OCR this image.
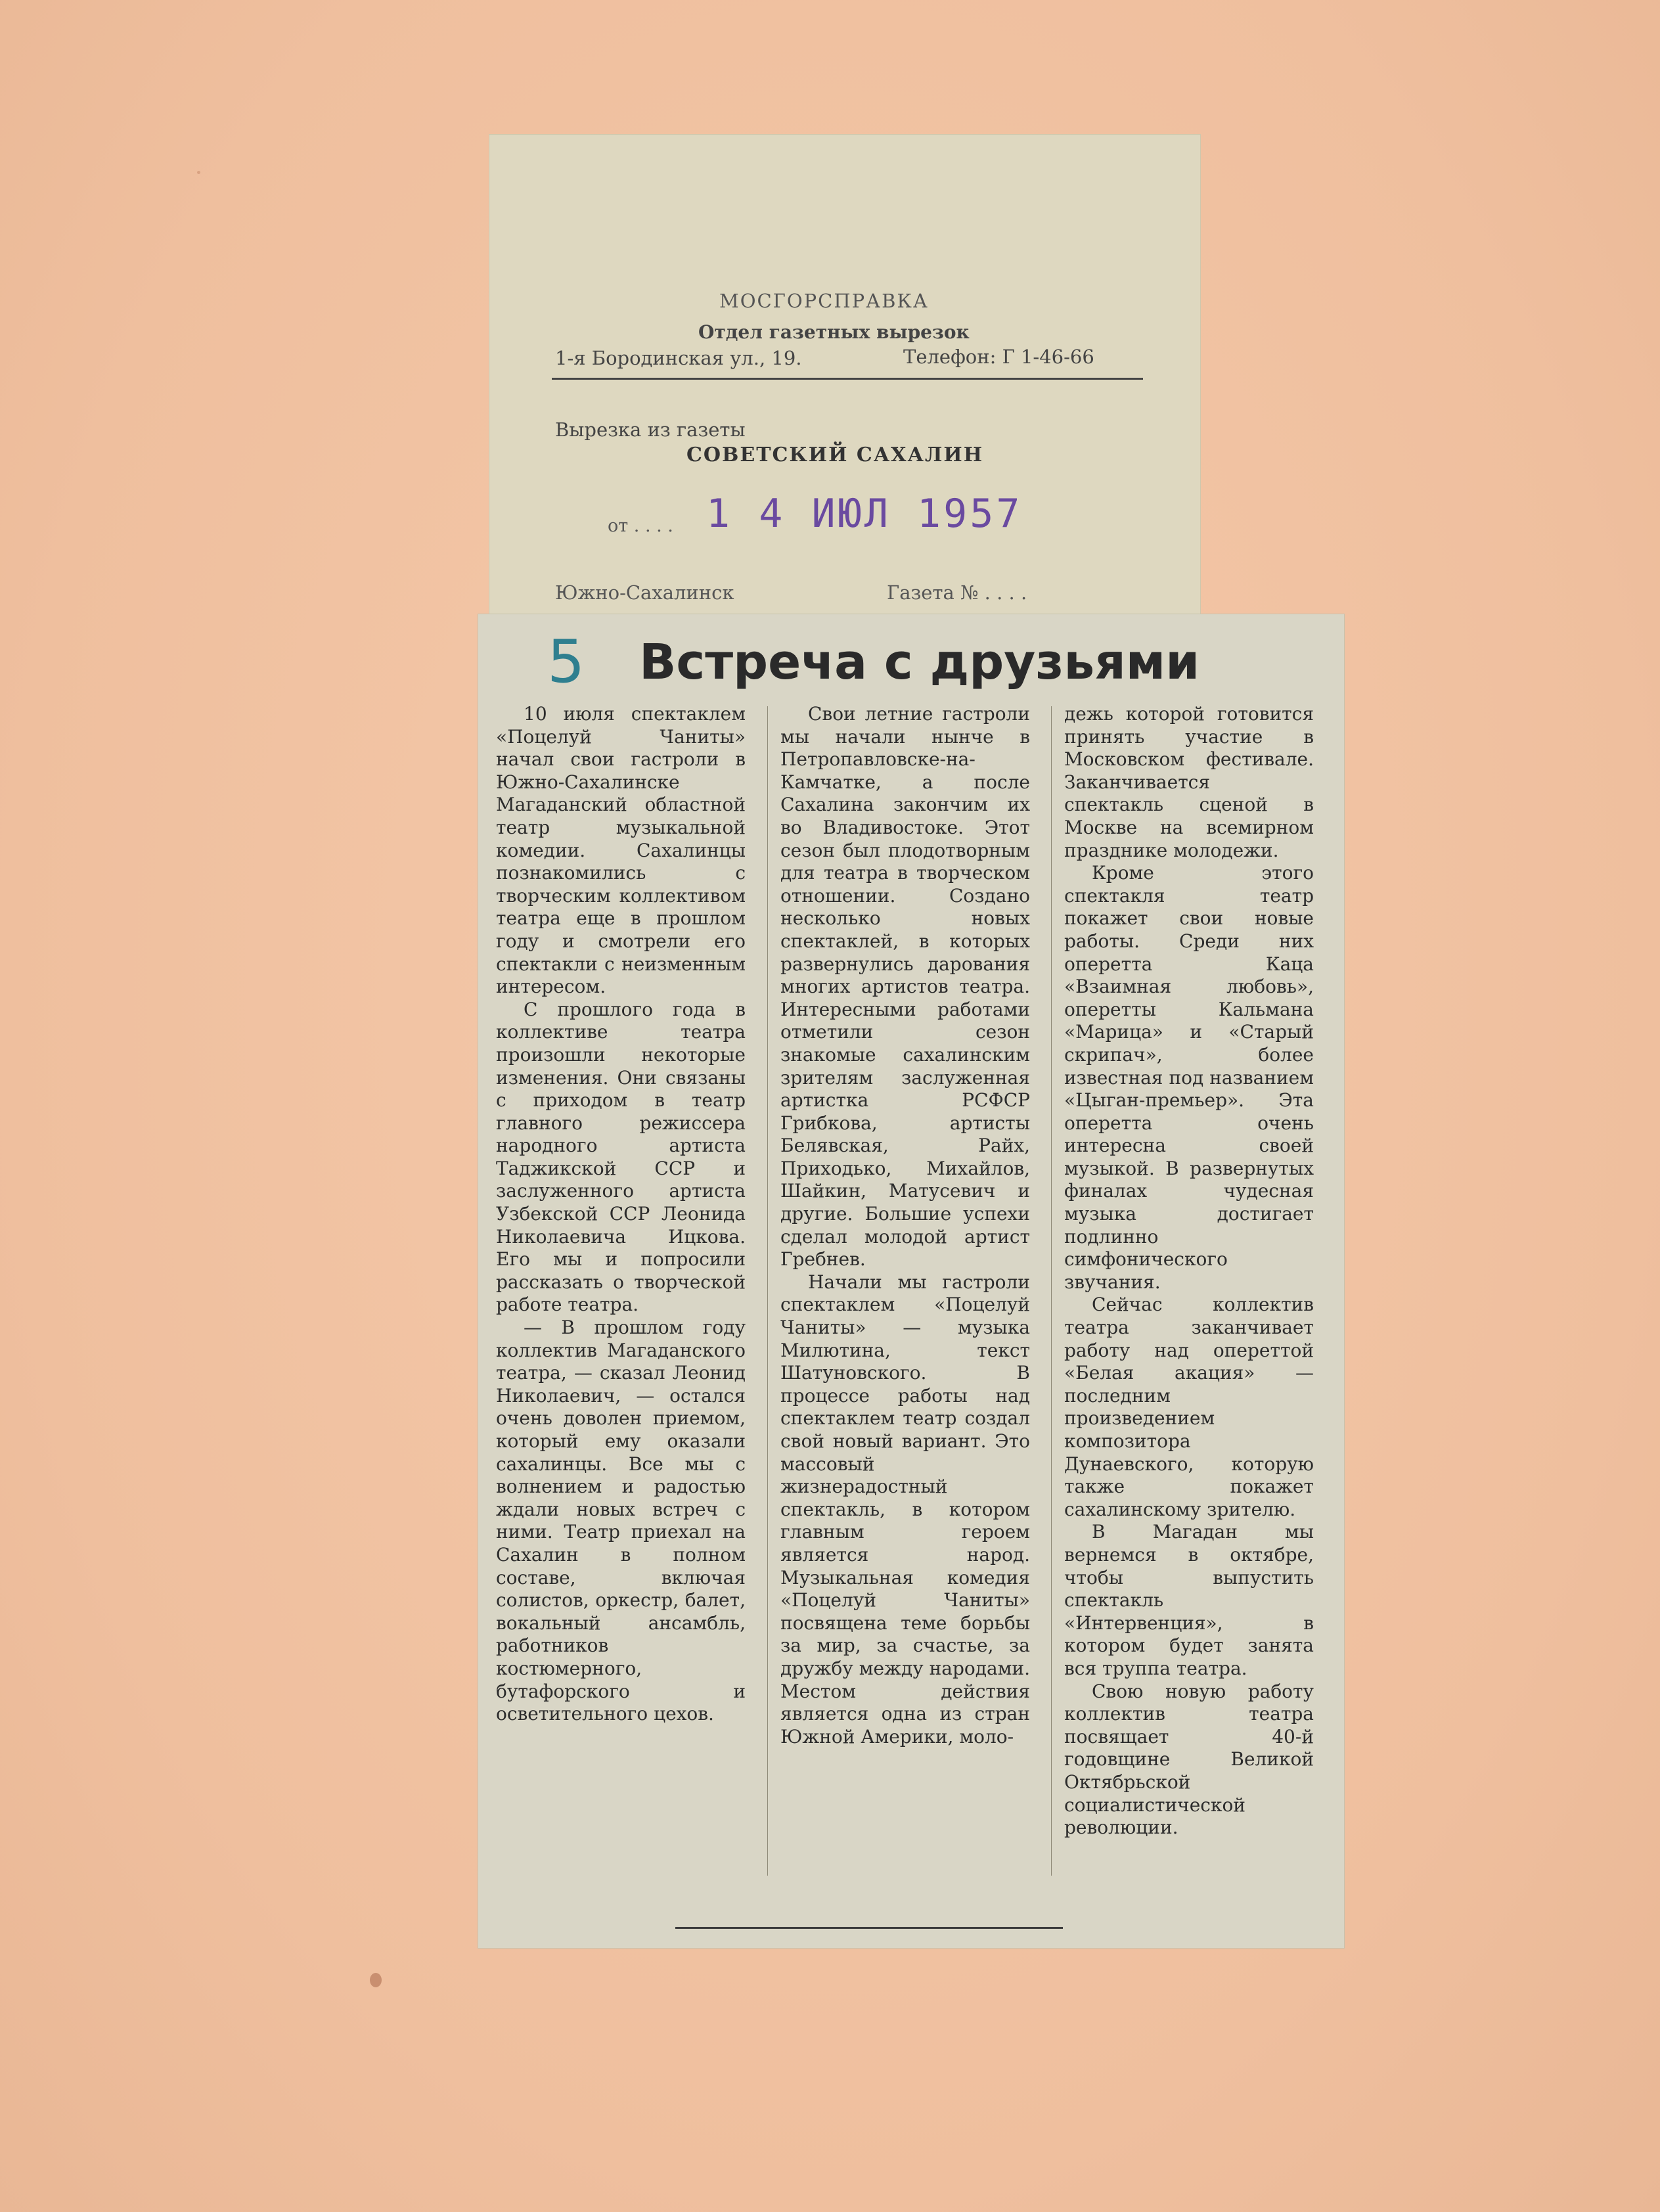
МОСГОРСПРАВКА
Отдел газетных вырезок
1-я Бородинская ул., 19.	Телефон: Г 1-46-66
Вырезка из газеты
СОВЕТСКИЙ САХАЛИН
от . . . . 1 4 ИЮЛ 1957
Южно-Сахалинск	Газета № . . . .
5 Встреча с друзьями

10 июля спектаклем «Поцелуй Чаниты» начал свои гастроли в Южно-Сахалинске Магаданский областной театр музыкальной комедии. Сахалинцы познакомились с творческим коллективом театра еще в прошлом году и смотрели его спектакли с неизменным интересом.

С прошлого года в коллективе театра произошли некоторые изменения. Они связаны с приходом в театр главного режиссера народного артиста Таджикской ССР и заслуженного артиста Узбекской ССР Леонида Николаевича Ицкова. Его мы и попросили рассказать о творческой работе театра.

— В прошлом году коллектив Магаданского театра, — сказал Леонид Николаевич, — остался очень доволен приемом, который ему оказали сахалинцы. Все мы с волнением и радостью ждали новых встреч с ними. Театр приехал на Сахалин в полном составе, включая солистов, оркестр, балет, вокальный ансамбль, работников костюмерного, бутафорского и осветительного цехов.

Свои летние гастроли мы начали нынче в Петропавловске-на-Камчатке, а после Сахалина закончим их во Владивостоке. Этот сезон был плодотворным для театра в творческом отношении. Создано несколько новых спектаклей, в которых развернулись дарования многих артистов театра. Интересными работами отметили сезон знакомые сахалинским зрителям заслуженная артистка РСФСР Грибкова, артисты Белявская, Райх, Приходько, Михайлов, Шайкин, Матусевич и другие. Большие успехи сделал молодой артист Гребнев.

Начали мы гастроли спектаклем «Поцелуй Чаниты» — музыка Милютина, текст Шатуновского. В процессе работы над спектаклем театр создал свой новый вариант. Это массовый жизнерадостный спектакль, в котором главным героем является народ. Музыкальная комедия «Поцелуй Чаниты» посвящена теме борьбы за мир, за счастье, за дружбу между народами. Местом действия является одна из стран Южной Америки, моло-

дежь которой готовится принять участие в Московском фестивале. Заканчивается спектакль сценой в Москве на всемирном празднике молодежи.

Кроме этого спектакля театр покажет свои новые работы. Среди них оперетта Каца «Взаимная любовь», оперетты Кальмана «Марица» и «Старый скрипач», более известная под названием «Цыган-премьер». Эта оперетта очень интересна своей музыкой. В развернутых финалах чудесная музыка достигает подлинно симфонического звучания.

Сейчас коллектив театра заканчивает работу над опереттой «Белая акация» — последним произведением композитора Дунаевского, которую также покажет сахалинскому зрителю.

В Магадан мы вернемся в октябре, чтобы выпустить спектакль «Интервенция», в котором будет занята вся труппа театра.

Свою новую работу коллектив театра посвящает 40-й годовщине Великой Октябрьской социалистической революции.
